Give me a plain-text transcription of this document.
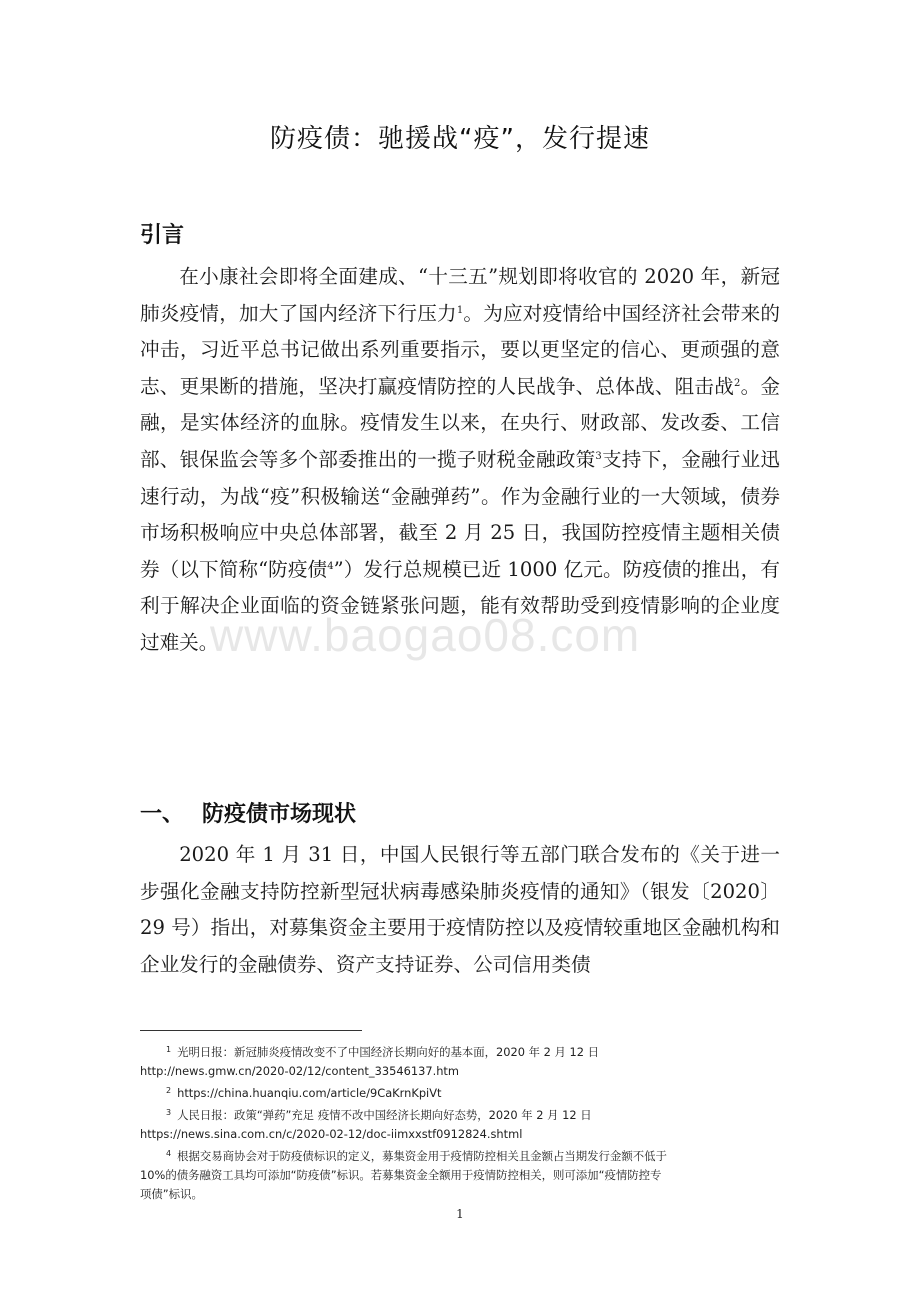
防疫债：驰援战“疫”，发行提速
引言

在小康社会即将全面建成、“十三五”规划即将收官的 2020 年，新冠肺炎疫情，加大了国内经济下行压力$^1$。为应对疫情给中国经济社会带来的冲击，习近平总书记做出系列重要指示，要以更坚定的信心、更顽强的意志、更果断的措施，坚决打赢疫情防控的人民战争、总体战、阻击战$^2$。金融，是实体经济的血脉。疫情发生以来，在央行、财政部、发改委、工信部、银保监会等多个部委推出的一揽子财税金融政策$^3$支持下，金融行业迅速行动，为战“疫”积极输送“金融弹药”。作为金融行业的一大领域，债券市场积极响应中央总体部署，截至 2 月 25 日，我国防控疫情主题相关债券（以下简称“防疫债$^4$”）发行总规模已近 1000 亿元。防疫债的推出，有利于解决企业面临的资金链紧张问题，能有效帮助受到疫情影响的企业度过难关。

一、 防疫债市场现状

2020 年 1 月 31 日，中国人民银行等五部门联合发布的《关于进一步强化金融支持防控新型冠状病毒感染肺炎疫情的通知》（银发〔2020〕29 号）指出，对募集资金主要用于疫情防控以及疫情较重地区金融机构和企业发行的金融债券、资产支持证券、公司信用类债

$^1$ 光明日报：新冠肺炎疫情改变不了中国经济长期向好的基本面，2020 年 2 月 12 日
http://news.gmw.cn/2020-02/12/content_33546137.htm
$^2$ https://china.huanqiu.com/article/9CaKrnKpiVt
$^3$ 人民日报：政策“弹药”充足 疫情不改中国经济长期向好态势，2020 年 2 月 12 日
https://news.sina.com.cn/c/2020-02-12/doc-iimxxstf0912824.shtml
$^4$ 根据交易商协会对于防疫债标识的定义，募集资金用于疫情防控相关且金额占当期发行金额不低于
10%的债务融资工具均可添加“防疫债”标识。若募集资金全额用于疫情防控相关，则可添加“疫情防控专
项债”标识。
1
www.baogao08.com
